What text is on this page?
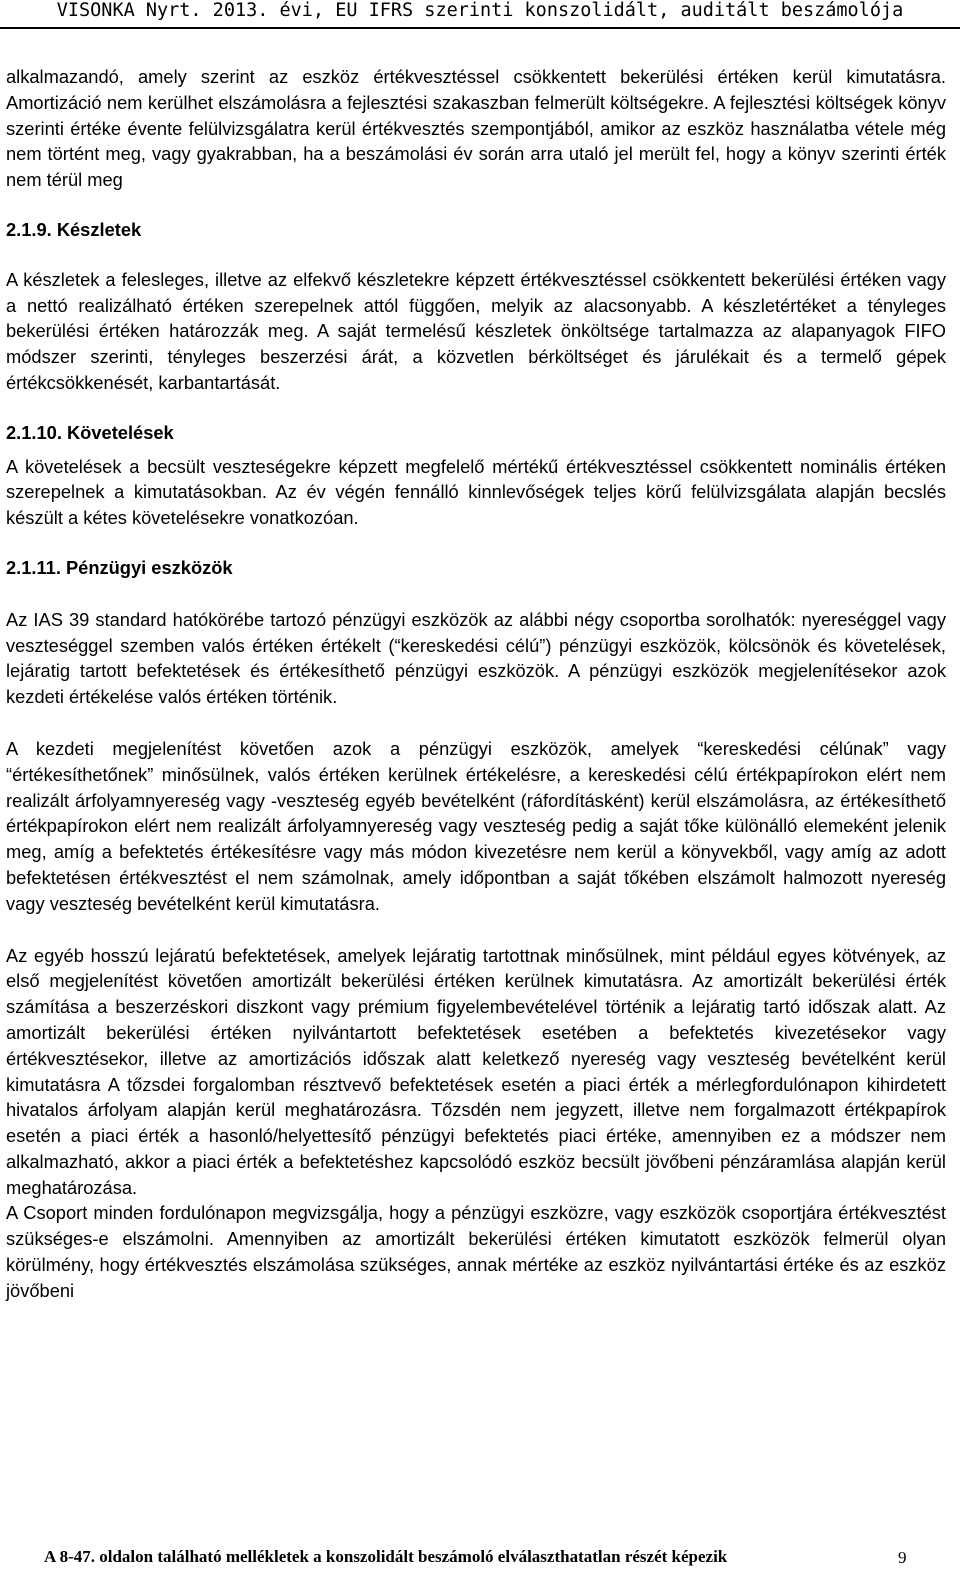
VISONKA Nyrt. 2013. évi, EU IFRS szerinti konszolidált, auditált beszámolója

alkalmazandó, amely szerint az eszköz értékvesztéssel csökkentett bekerülési értéken kerül kimutatásra. Amortizáció nem kerülhet elszámolásra a fejlesztési szakaszban felmerült költségekre. A fejlesztési költségek könyv szerinti értéke évente felülvizsgálatra kerül értékvesztés szempontjából, amikor az eszköz használatba vétele még nem történt meg, vagy gyakrabban, ha a beszámolási év során arra utaló jel merült fel, hogy a könyv szerinti érték nem térül meg

2.1.9. Készletek

A készletek a felesleges, illetve az elfekvő készletekre képzett értékvesztéssel csökkentett bekerülési értéken vagy a nettó realizálható értéken szerepelnek attól függően, melyik az alacsonyabb. A készletértéket a tényleges bekerülési értéken határozzák meg. A saját termelésű készletek önköltsége tartalmazza az alapanyagok FIFO módszer szerinti, tényleges beszerzési árát, a közvetlen bérköltséget és járulékait és a termelő gépek értékcsökkenését, karbantartását.

2.1.10. Követelések

A követelések a becsült veszteségekre képzett megfelelő mértékű értékvesztéssel csökkentett nominális értéken szerepelnek a kimutatásokban. Az év végén fennálló kinnlevőségek teljes körű felülvizsgálata alapján becslés készült a kétes követelésekre vonatkozóan.

2.1.11. Pénzügyi eszközök

Az IAS 39 standard hatókörébe tartozó pénzügyi eszközök az alábbi négy csoportba sorolhatók: nyereséggel vagy veszteséggel szemben valós értéken értékelt (“kereskedési célú”) pénzügyi eszközök, kölcsönök és követelések, lejáratig tartott befektetések és értékesíthető pénzügyi eszközök. A pénzügyi eszközök megjelenítésekor azok kezdeti értékelése valós értéken történik.

A kezdeti megjelenítést követően azok a pénzügyi eszközök, amelyek “kereskedési célúnak” vagy “értékesíthetőnek” minősülnek, valós értéken kerülnek értékelésre, a kereskedési célú értékpapírokon elért nem realizált árfolyamnyereség vagy -veszteség egyéb bevételként (ráfordításként) kerül elszámolásra, az értékesíthető értékpapírokon elért nem realizált árfolyamnyereség vagy veszteség pedig a saját tőke különálló elemeként jelenik meg, amíg a befektetés értékesítésre vagy más módon kivezetésre nem kerül a könyvekből, vagy amíg az adott befektetésen értékvesztést el nem számolnak, amely időpontban a saját tőkében elszámolt halmozott nyereség vagy veszteség bevételként kerül kimutatásra.

Az egyéb hosszú lejáratú befektetések, amelyek lejáratig tartottnak minősülnek, mint például egyes kötvények, az első megjelenítést követően amortizált bekerülési értéken kerülnek kimutatásra. Az amortizált bekerülési érték számítása a beszerzéskori diszkont vagy prémium figyelembevételével történik a lejáratig tartó időszak alatt. Az amortizált bekerülési értéken nyilvántartott befektetések esetében a befektetés kivezetésekor vagy értékvesztésekor, illetve az amortizációs időszak alatt keletkező nyereség vagy veszteség bevételként kerül kimutatásra A tőzsdei forgalomban résztvevő befektetések esetén a piaci érték a mérlegfordulónapon kihirdetett hivatalos árfolyam alapján kerül meghatározásra. Tőzsdén nem jegyzett, illetve nem forgalmazott értékpapírok esetén a piaci érték a hasonló/helyettesítő pénzügyi befektetés piaci értéke, amennyiben ez a módszer nem alkalmazható, akkor a piaci érték a befektetéshez kapcsolódó eszköz becsült jövőbeni pénzáramlása alapján kerül meghatározása.

A Csoport minden fordulónapon megvizsgálja, hogy a pénzügyi eszközre, vagy eszközök csoportjára értékvesztést szükséges-e elszámolni. Amennyiben az amortizált bekerülési értéken kimutatott eszközök felmerül olyan körülmény, hogy értékvesztés elszámolása szükséges, annak mértéke az eszköz nyilvántartási értéke és az eszköz jövőbeni

A 8-47. oldalon található mellékletek a konszolidált beszámoló elválaszthatatlan részét képezik	9
